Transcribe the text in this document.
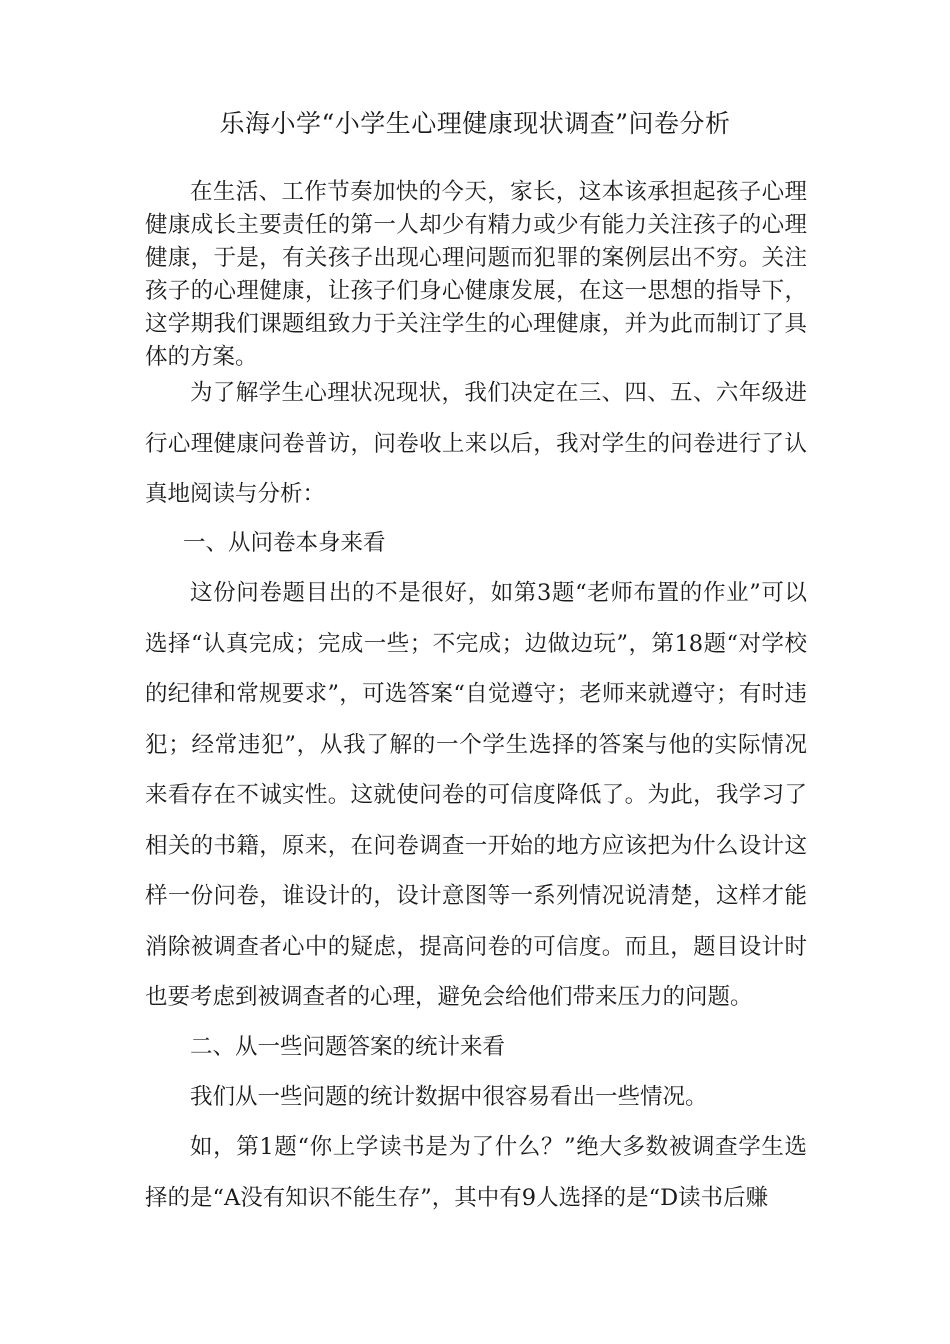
乐海小学“小学生心理健康现状调查”问卷分析

在生活、工作节奏加快的今天，家长，这本该承担起孩子心理健康成长主要责任的第一人却少有精力或少有能力关注孩子的心理健康，于是，有关孩子出现心理问题而犯罪的案例层出不穷。关注孩子的心理健康，让孩子们身心健康发展，在这一思想的指导下，这学期我们课题组致力于关注学生的心理健康，并为此而制订了具体的方案。

为了解学生心理状况现状，我们决定在三、四、五、六年级进行心理健康问卷普访，问卷收上来以后，我对学生的问卷进行了认真地阅读与分析：

一、从问卷本身来看

这份问卷题目出的不是很好，如第3题“老师布置的作业”可以选择“认真完成；完成一些；不完成；边做边玩”，第18题“对学校的纪律和常规要求”，可选答案“自觉遵守；老师来就遵守；有时违犯；经常违犯”，从我了解的一个学生选择的答案与他的实际情况来看存在不诚实性。这就使问卷的可信度降低了。为此，我学习了相关的书籍，原来，在问卷调查一开始的地方应该把为什么设计这样一份问卷，谁设计的，设计意图等一系列情况说清楚，这样才能消除被调查者心中的疑虑，提高问卷的可信度。而且，题目设计时也要考虑到被调查者的心理，避免会给他们带来压力的问题。

二、从一些问题答案的统计来看

我们从一些问题的统计数据中很容易看出一些情况。

如，第1题“你上学读书是为了什么？”绝大多数被调查学生选择的是“A没有知识不能生存”，其中有9人选择的是“D读书后赚
